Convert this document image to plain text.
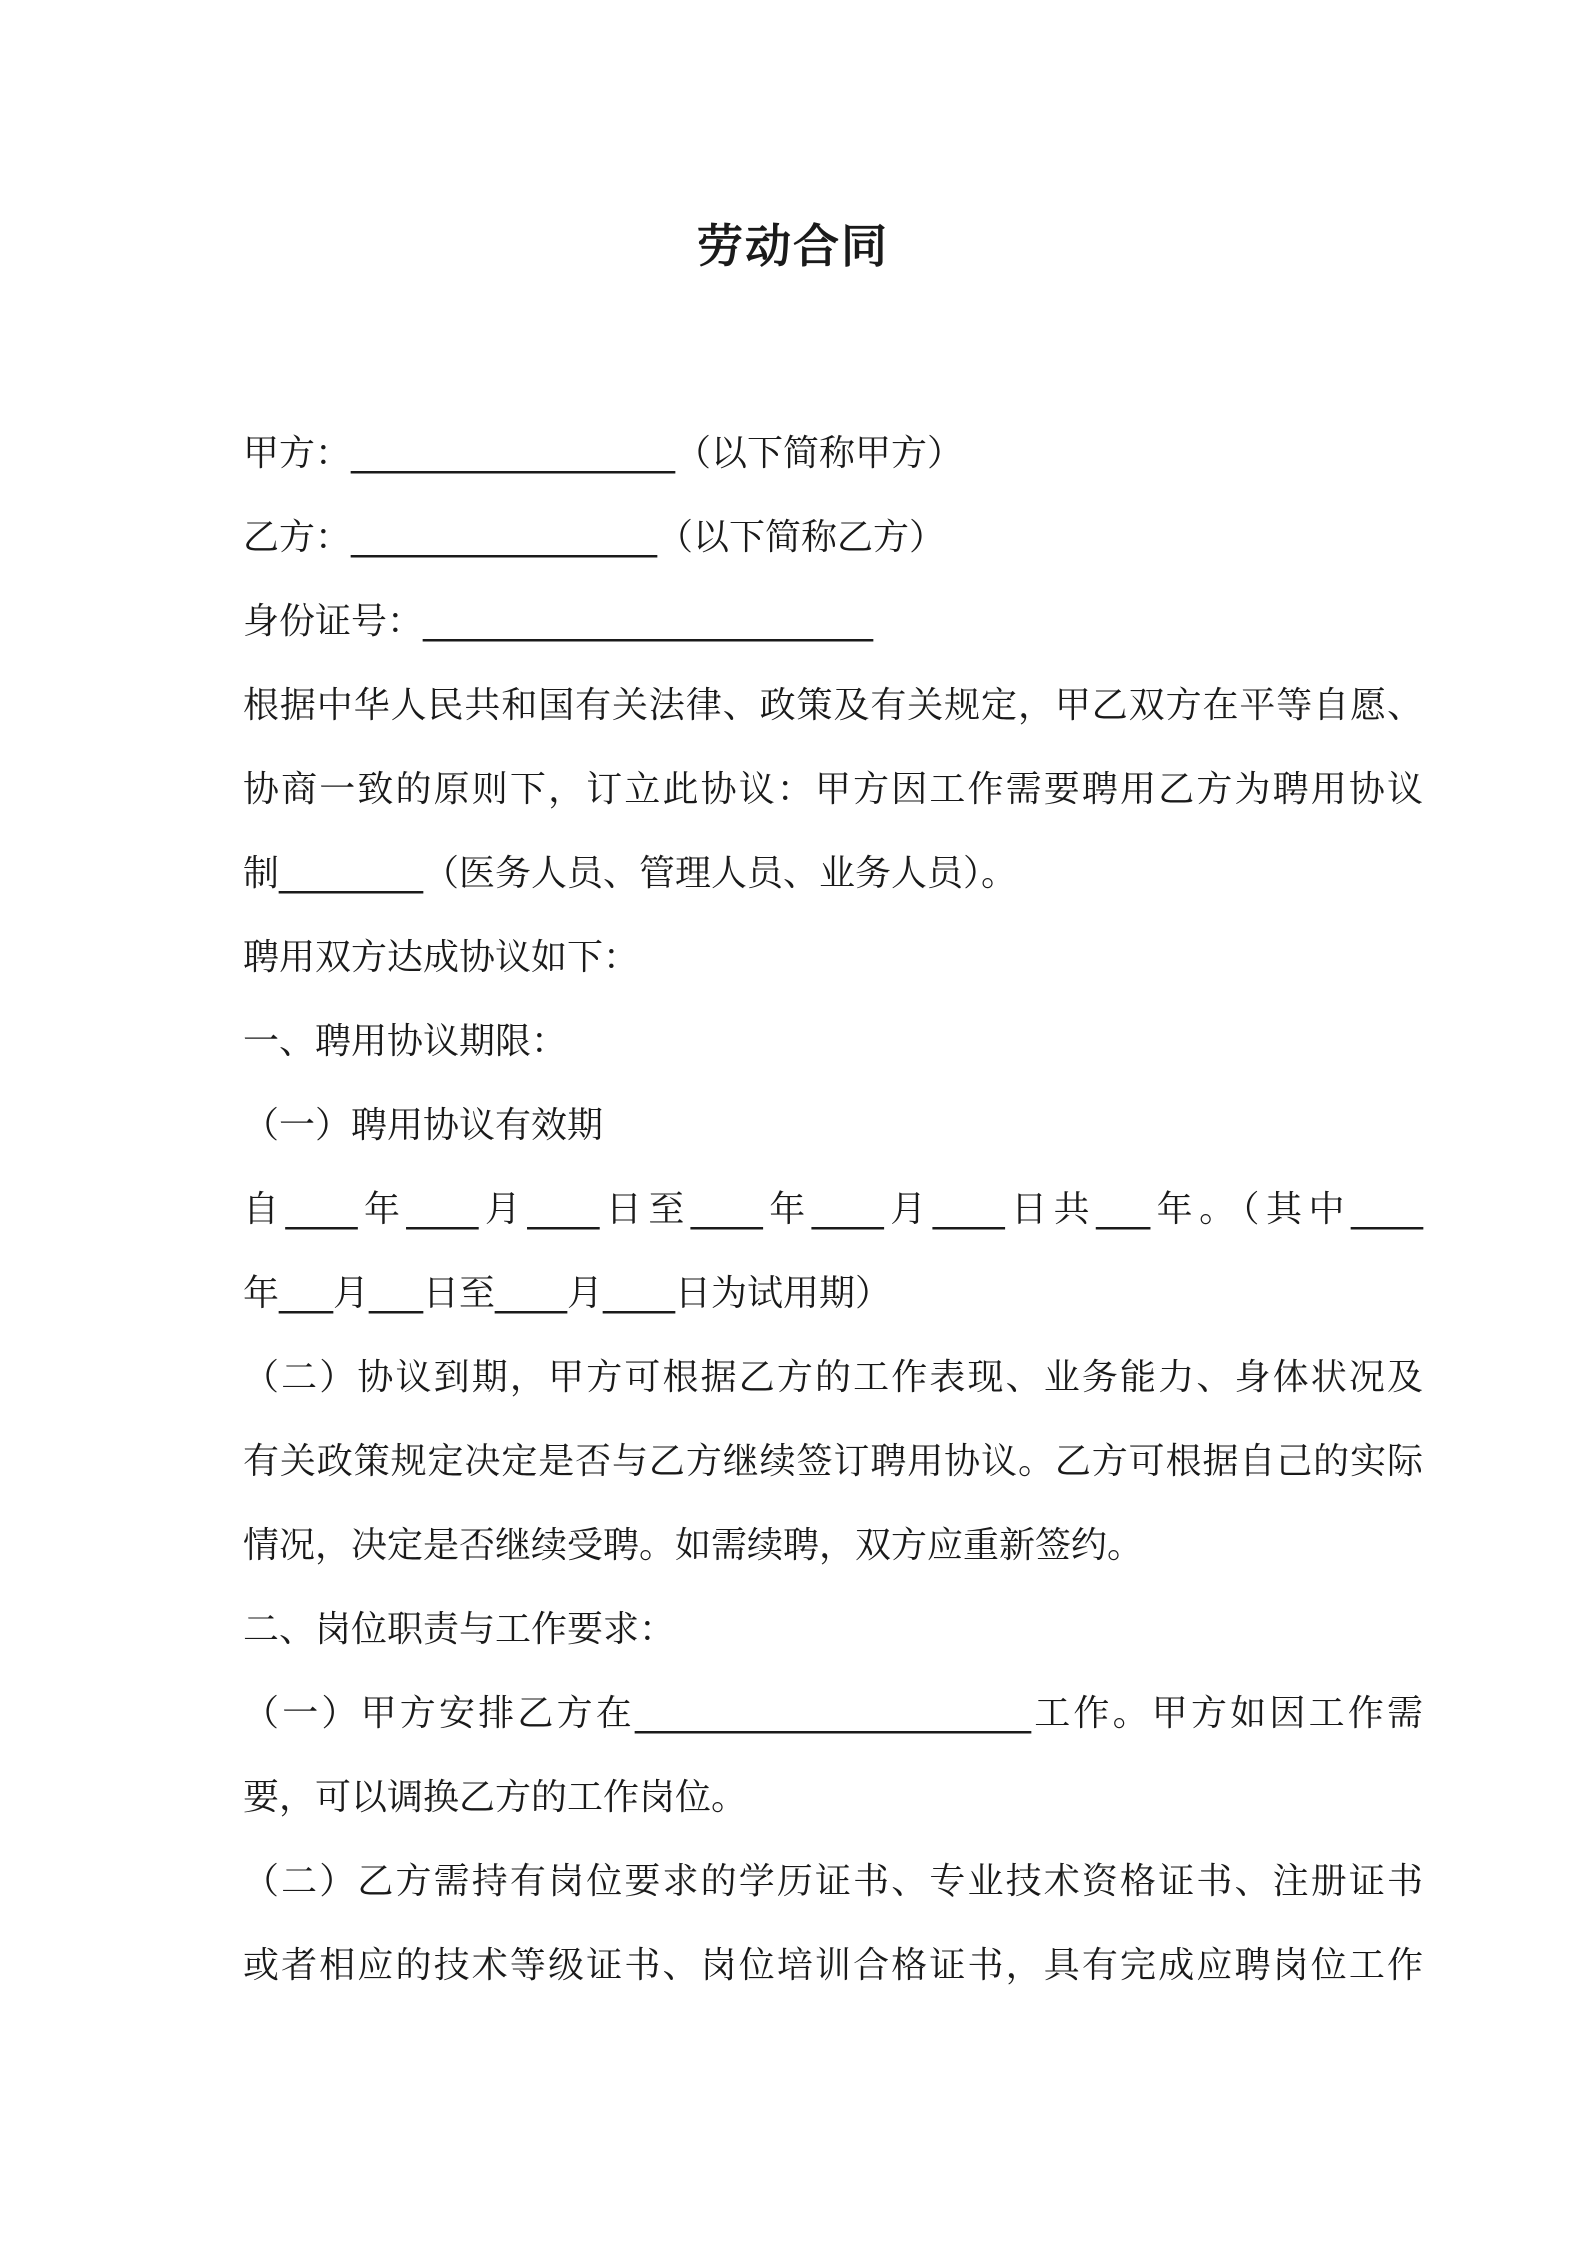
劳动合同
甲方：__________________（以下简称甲方）
乙方：_________________（以下简称乙方）
身份证号：_________________________
根据中华人民共和国有关法律、政策及有关规定，甲乙双方在平等自愿、
协商一致的原则下，订立此协议：甲方因工作需要聘用乙方为聘用协议
制________（医务人员、管理人员、业务人员）。
聘用双方达成协议如下：
一、聘用协议期限：
（一）聘用协议有效期
自____年____月____日至____年____月____日共___年。（其中____
年___月___日至____月____日为试用期）
（二）协议到期，甲方可根据乙方的工作表现、业务能力、身体状况及
有关政策规定决定是否与乙方继续签订聘用协议。乙方可根据自己的实际
情况，决定是否继续受聘。如需续聘，双方应重新签约。
二、岗位职责与工作要求：
（一）甲方安排乙方在______________________工作。甲方如因工作需
要，可以调换乙方的工作岗位。
（二）乙方需持有岗位要求的学历证书、专业技术资格证书、注册证书
或者相应的技术等级证书、岗位培训合格证书，具有完成应聘岗位工作
